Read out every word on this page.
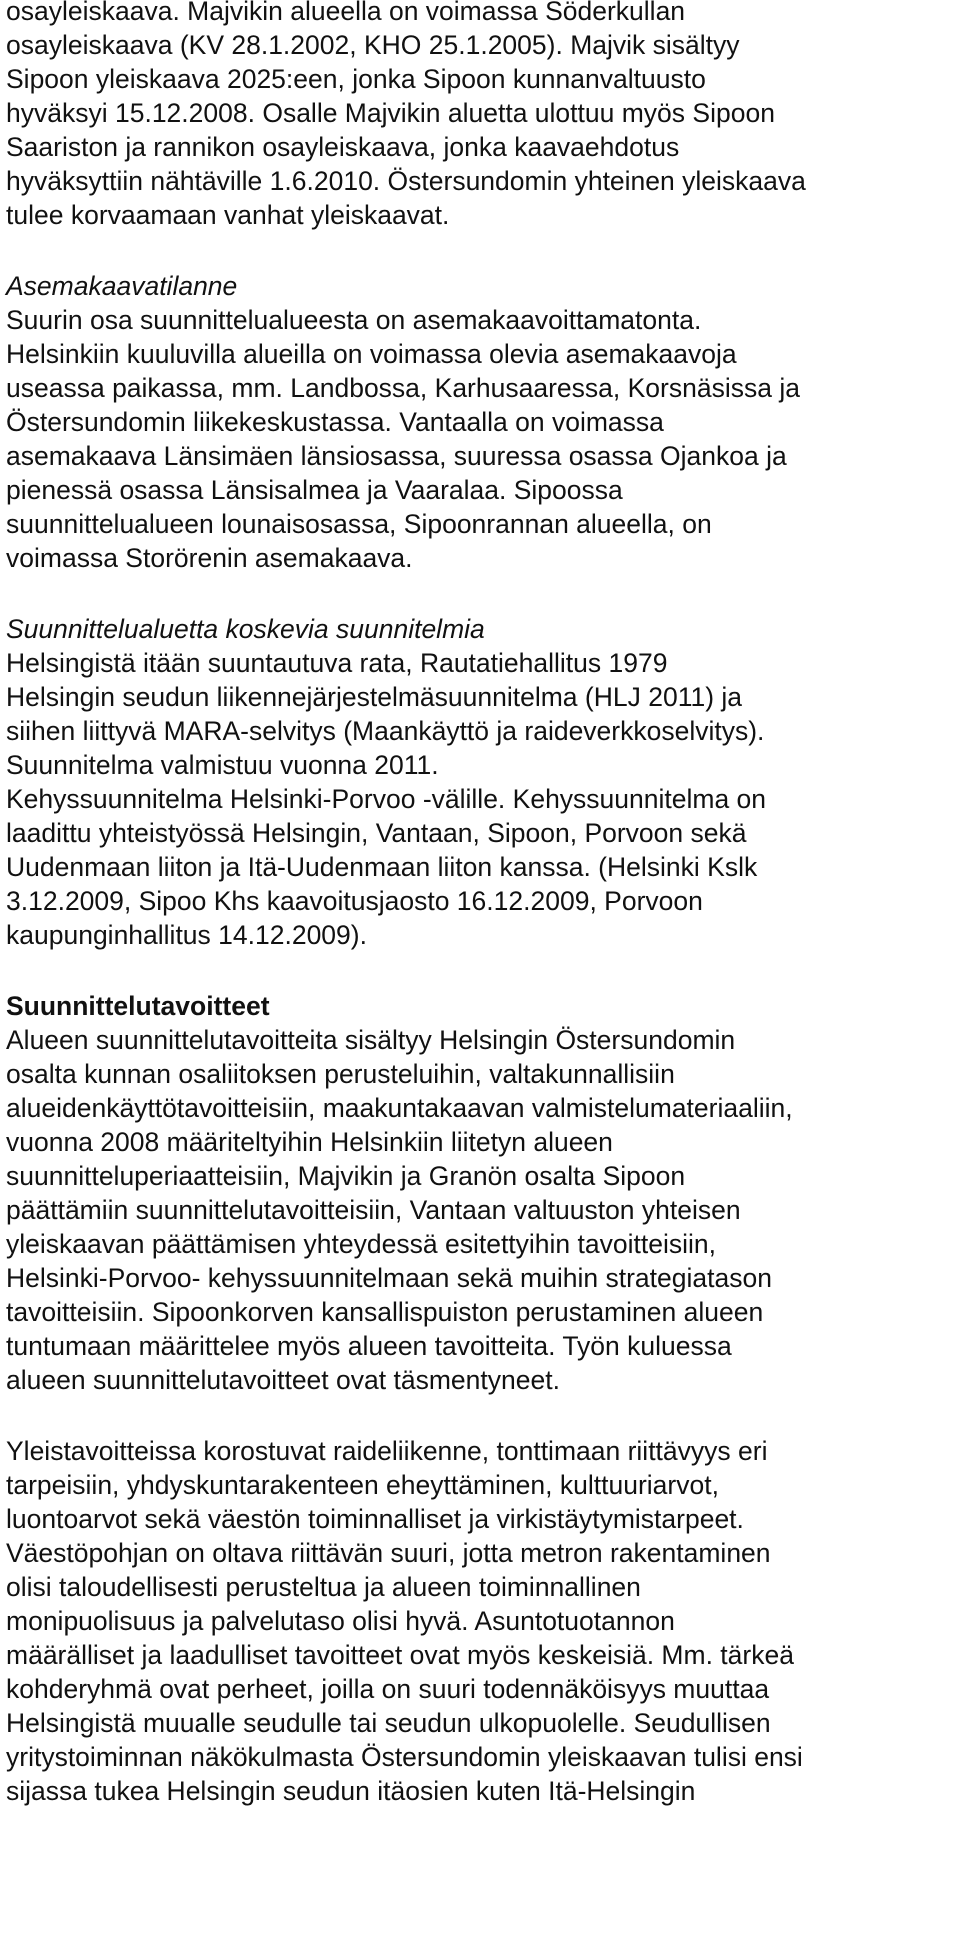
osayleiskaava. Majvikin alueella on voimassa Söderkullan
osayleiskaava (KV 28.1.2002, KHO 25.1.2005). Majvik sisältyy
Sipoon yleiskaava 2025:een, jonka Sipoon kunnanvaltuusto
hyväksyi 15.12.2008. Osalle Majvikin aluetta ulottuu myös Sipoon
Saariston ja rannikon osayleiskaava, jonka kaavaehdotus
hyväksyttiin nähtäville 1.6.2010. Östersundomin yhteinen yleiskaava
tulee korvaamaan vanhat yleiskaavat.
Asemakaavatilanne
Suurin osa suunnittelualueesta on asemakaavoittamatonta.
Helsinkiin kuuluvilla alueilla on voimassa olevia asemakaavoja
useassa paikassa, mm. Landbossa, Karhusaaressa, Korsnäsissa ja
Östersundomin liikekeskustassa. Vantaalla on voimassa
asemakaava Länsimäen länsiosassa, suuressa osassa Ojankoa ja
pienessä osassa Länsisalmea ja Vaaralaa. Sipoossa
suunnittelualueen lounaisosassa, Sipoonrannan alueella, on
voimassa Storörenin asemakaava.
Suunnittelualuetta koskevia suunnitelmia
Helsingistä itään suuntautuva rata, Rautatiehallitus 1979
Helsingin seudun liikennejärjestelmäsuunnitelma (HLJ 2011) ja
siihen liittyvä MARA-selvitys (Maankäyttö ja raideverkkoselvitys).
Suunnitelma valmistuu vuonna 2011.
Kehyssuunnitelma Helsinki-Porvoo -välille. Kehyssuunnitelma on
laadittu yhteistyössä Helsingin, Vantaan, Sipoon, Porvoon sekä
Uudenmaan liiton ja Itä-Uudenmaan liiton kanssa. (Helsinki Kslk
3.12.2009, Sipoo Khs kaavoitusjaosto 16.12.2009, Porvoon
kaupunginhallitus 14.12.2009).
Suunnittelutavoitteet
Alueen suunnittelutavoitteita sisältyy Helsingin Östersundomin
osalta kunnan osaliitoksen perusteluihin, valtakunnallisiin
alueidenkäyttötavoitteisiin, maakuntakaavan valmistelumateriaaliin,
vuonna 2008 määriteltyihin Helsinkiin liitetyn alueen
suunnitteluperiaatteisiin, Majvikin ja Granön osalta Sipoon
päättämiin suunnittelutavoitteisiin, Vantaan valtuuston yhteisen
yleiskaavan päättämisen yhteydessä esitettyihin tavoitteisiin,
Helsinki-Porvoo- kehyssuunnitelmaan sekä muihin strategiatason
tavoitteisiin. Sipoonkorven kansallispuiston perustaminen alueen
tuntumaan määrittelee myös alueen tavoitteita. Työn kuluessa
alueen suunnittelutavoitteet ovat täsmentyneet.
Yleistavoitteissa korostuvat raideliikenne, tonttimaan riittävyys eri
tarpeisiin, yhdyskuntarakenteen eheyttäminen, kulttuuriarvot,
luontoarvot sekä väestön toiminnalliset ja virkistäytymistarpeet.
Väestöpohjan on oltava riittävän suuri, jotta metron rakentaminen
olisi taloudellisesti perusteltua ja alueen toiminnallinen
monipuolisuus ja palvelutaso olisi hyvä. Asuntotuotannon
määrälliset ja laadulliset tavoitteet ovat myös keskeisiä. Mm. tärkeä
kohderyhmä ovat perheet, joilla on suuri todennäköisyys muuttaa
Helsingistä muualle seudulle tai seudun ulkopuolelle. Seudullisen
yritystoiminnan näkökulmasta Östersundomin yleiskaavan tulisi ensi
sijassa tukea Helsingin seudun itäosien kuten Itä-Helsingin
